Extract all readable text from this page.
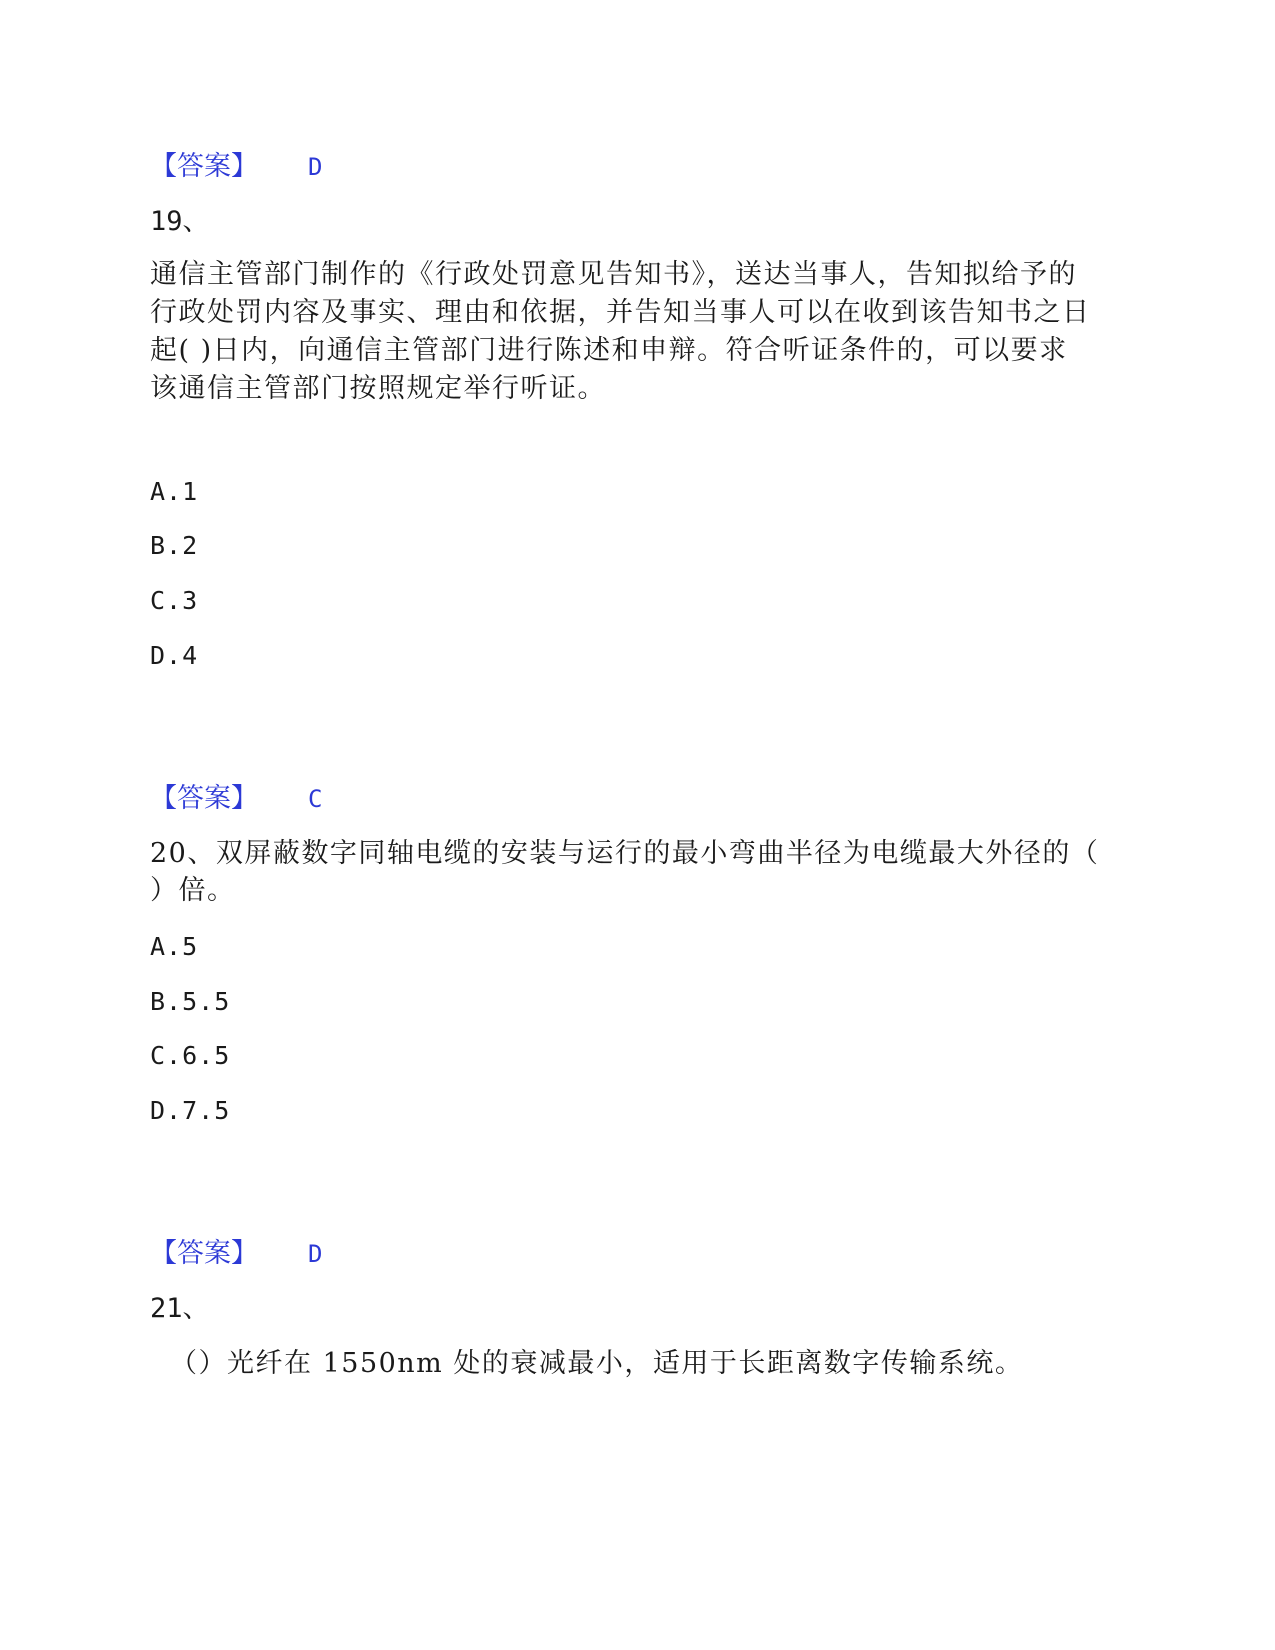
【答案】 D
19、
通信主管部门制作的《行政处罚意见告知书》，送达当事人，告知拟给予的
行政处罚内容及事实、理由和依据，并告知当事人可以在收到该告知书之日
起( )日内，向通信主管部门进行陈述和申辩。符合听证条件的，可以要求
该通信主管部门按照规定举行听证。
A.1
B.2
C.3
D.4
【答案】 C
20、双屏蔽数字同轴电缆的安装与运行的最小弯曲半径为电缆最大外径的（
）倍。
A.5
B.5.5
C.6.5
D.7.5
【答案】 D
21、
（）光纤在 1550nm 处的衰减最小，适用于长距离数字传输系统。
